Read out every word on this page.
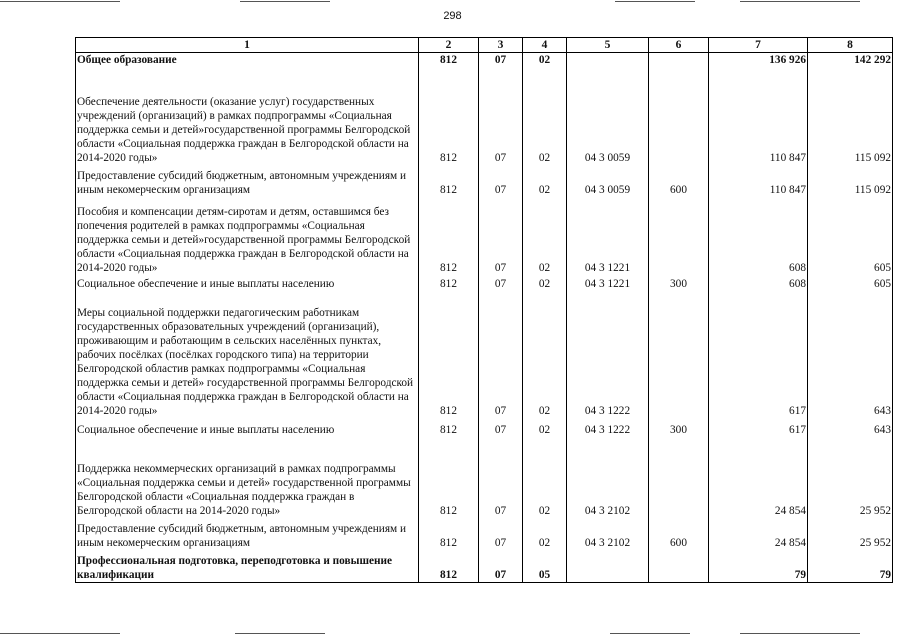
298
1	2	3	4	5	6	7	8
Общее образование	812	07	02			136 926	142 292
Обеспечение деятельности (оказание услуг) государственных учреждений (организаций) в рамках подпрограммы «Социальная поддержка семьи и детей»государственной программы Белгородской области «Социальная поддержка граждан в Белгородской области на 2014-2020 годы»	812	07	02	04 3 0059		110 847	115 092
Предоставление субсидий бюджетным, автономным учреждениям и иным некомерческим организациям	812	07	02	04 3 0059	600	110 847	115 092
Пособия и компенсации детям-сиротам и детям, оставшимся без попечения родителей в рамках подпрограммы «Социальная поддержка семьи и детей»государственной программы Белгородской области «Социальная поддержка граждан в Белгородской области на 2014-2020 годы»	812	07	02	04 3 1221		608	605
Социальное обеспечение и иные выплаты населению	812	07	02	04 3 1221	300	608	605
Меры социальной поддержки педагогическим работникам государственных образовательных учреждений (организаций), проживающим и работающим в сельских населённых пунктах, рабочих посёлках (посёлках городского типа) на территории Белгородской областив рамках подпрограммы «Социальная поддержка семьи и детей» государственной программы Белгородской области «Социальная поддержка граждан в Белгородской области на 2014-2020 годы»	812	07	02	04 3 1222		617	643
Социальное обеспечение и иные выплаты населению	812	07	02	04 3 1222	300	617	643
Поддержка некоммерческих организаций в рамках подпрограммы «Социальная поддержка семьи и детей» государственной программы Белгородской области «Социальная поддержка граждан в Белгородской области на 2014-2020 годы»	812	07	02	04 3 2102		24 854	25 952
Предоставление субсидий бюджетным, автономным учреждениям и иным некомерческим организациям	812	07	02	04 3 2102	600	24 854	25 952
Профессиональная подготовка, переподготовка и повышение квалификации	812	07	05			79	79
